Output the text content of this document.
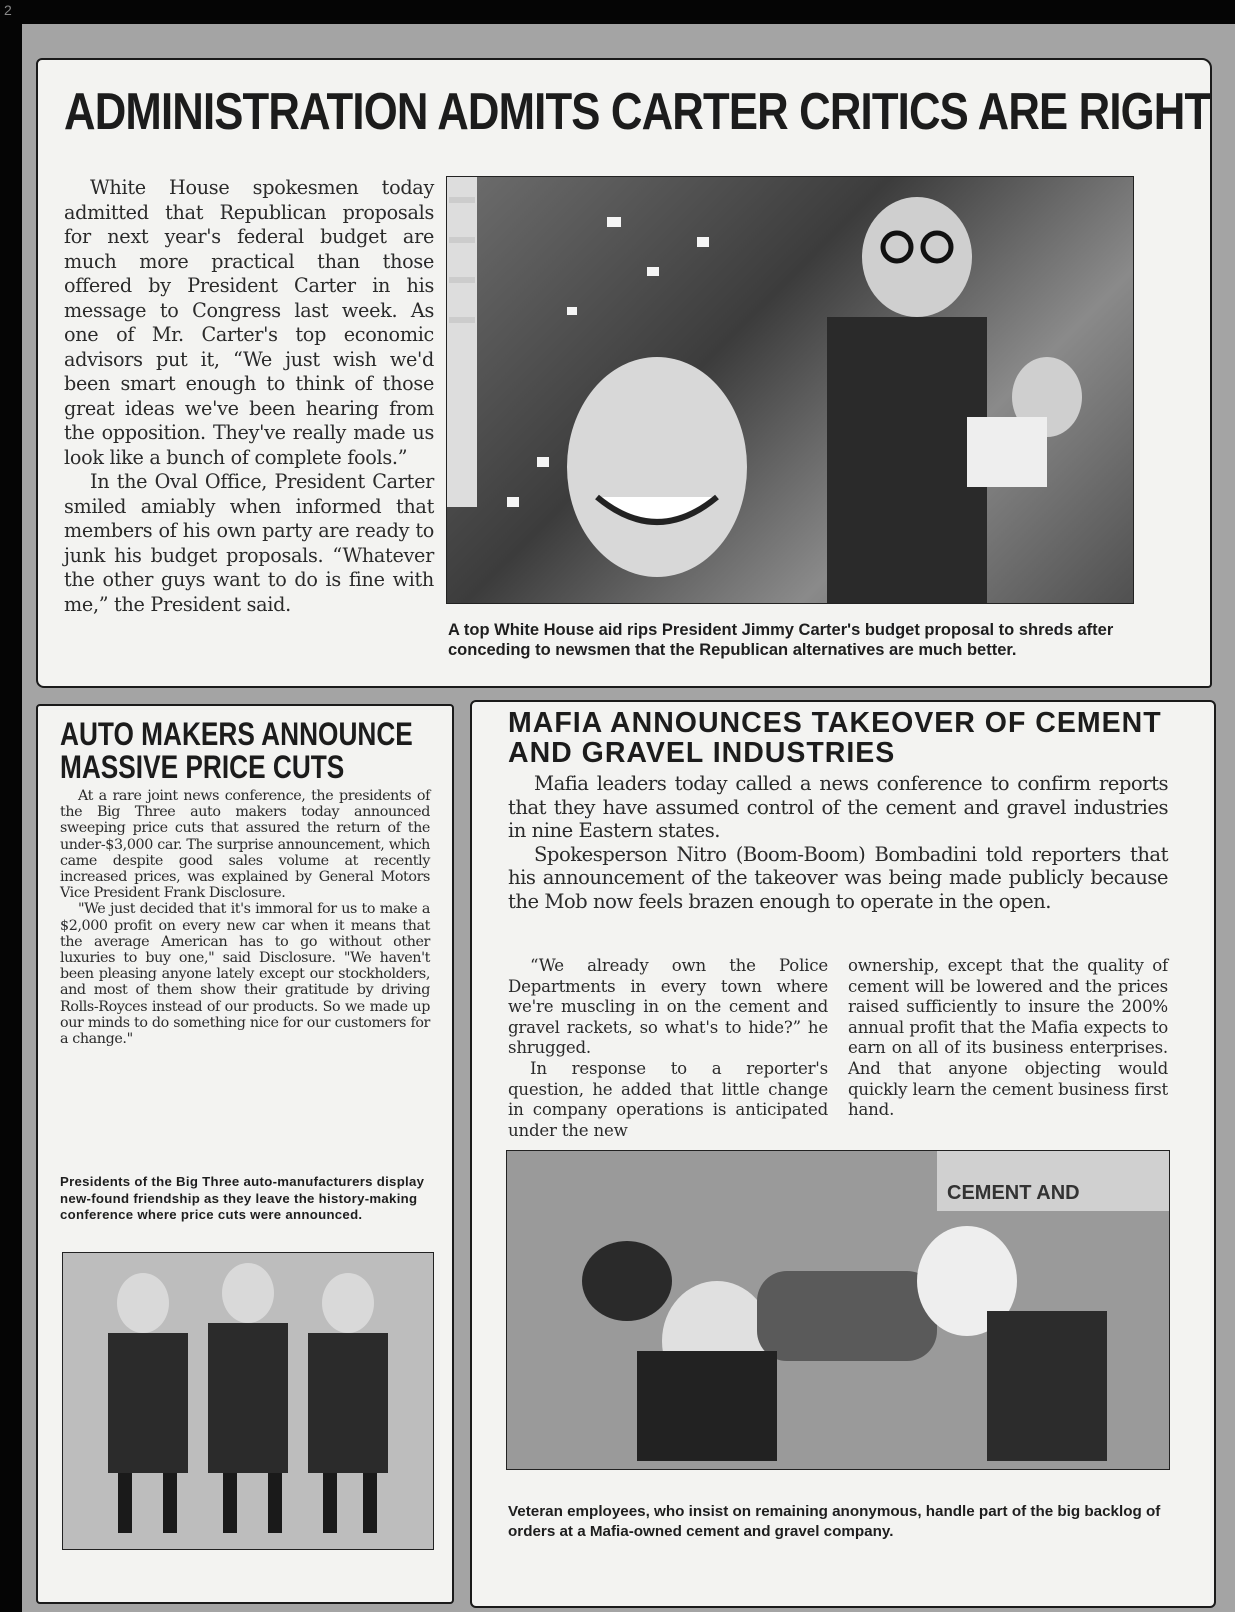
2
ADMINISTRATION ADMITS CARTER CRITICS ARE RIGHT

White House spokesmen today admitted that Republican proposals for next year's federal budget are much more practical than those offered by President Carter in his message to Congress last week. As one of Mr. Carter's top economic advisors put it, “We just wish we'd been smart enough to think of those great ideas we've been hearing from the opposition. They've really made us look like a bunch of complete fools.”

In the Oval Office, President Carter smiled amiably when informed that members of his own party are ready to junk his budget proposals. “Whatever the other guys want to do is fine with me,” the President said.

A top White House aid rips President Jimmy Carter's budget proposal to shreds after conceding to newsmen that the Republican alternatives are much better.

AUTO MAKERS ANNOUNCE MASSIVE PRICE CUTS

At a rare joint news conference, the presidents of the Big Three auto makers today announced sweeping price cuts that assured the return of the under-$3,000 car. The surprise announcement, which came despite good sales volume at recently increased prices, was explained by General Motors Vice President Frank Disclosure.

"We just decided that it's immoral for us to make a $2,000 profit on every new car when it means that the average American has to go without other luxuries to buy one," said Disclosure. "We haven't been pleasing anyone lately except our stockholders, and most of them show their gratitude by driving Rolls-Royces instead of our products. So we made up our minds to do something nice for our customers for a change."

Presidents of the Big Three auto-manufacturers display new-found friendship as they leave the history-making conference where price cuts were announced.

MAFIA ANNOUNCES TAKEOVER OF CEMENT AND GRAVEL INDUSTRIES

Mafia leaders today called a news conference to confirm reports that they have assumed control of the cement and gravel industries in nine Eastern states.

Spokesperson Nitro (Boom-Boom) Bombadini told reporters that his announcement of the takeover was being made publicly because the Mob now feels brazen enough to operate in the open.

“We already own the Police Departments in every town where we're muscling in on the cement and gravel rackets, so what's to hide?” he shrugged.

In response to a reporter's question, he added that little change in company operations is anticipated under the new

ownership, except that the quality of cement will be lowered and the prices raised sufficiently to insure the 200% annual profit that the Mafia expects to earn on all of its business enterprises. And that anyone objecting would quickly learn the cement business first hand.

CEMENT AND

Veteran employees, who insist on remaining anonymous, handle part of the big backlog of orders at a Mafia-owned cement and gravel company.
